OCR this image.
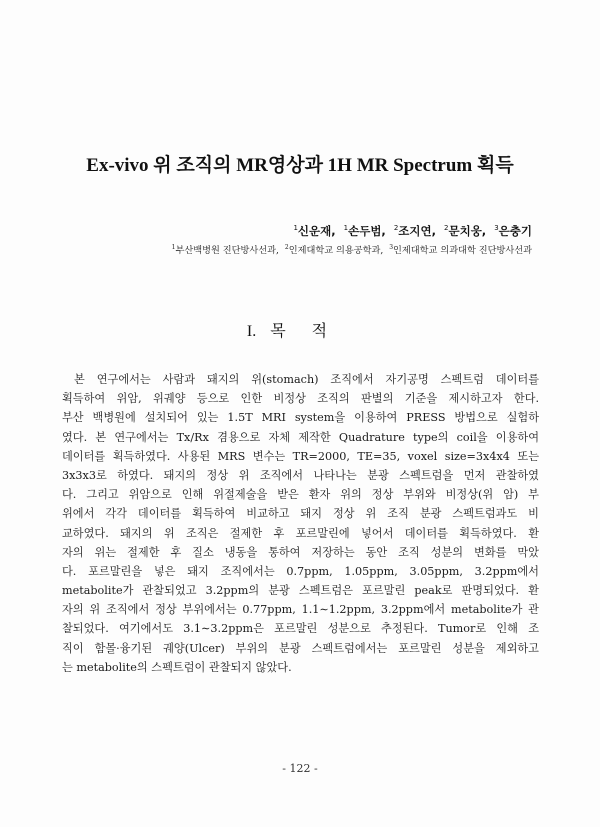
Ex-vivo 위 조직의 MR영상과 1H MR Spectrum 획득
$^1$신운재, $^1$손두범, $^2$조지연, $^2$문치웅, $^3$은충기
$^1$부산백병원 진단방사선과, $^2$인제대학교 의용공학과, $^3$인제대학교 의과대학 진단방사선과
I. 목적
본 연구에서는 사람과 돼지의 위(stomach) 조직에서 자기공명 스펙트럼 데이터를
획득하여 위암, 위궤양 등으로 인한 비정상 조직의 판별의 기준을 제시하고자 한다.
부산 백병원에 설치되어 있는 1.5T MRI system을 이용하여 PRESS 방법으로 실험하
였다. 본 연구에서는 Tx/Rx 겸용으로 자체 제작한 Quadrature type의 coil을 이용하여
데이터를 획득하였다. 사용된 MRS 변수는 TR=2000, TE=35, voxel size=3x4x4 또는
3x3x3로 하였다. 돼지의 정상 위 조직에서 나타나는 분광 스펙트럼을 먼저 관찰하였
다. 그리고 위암으로 인해 위절제술을 받은 환자 위의 정상 부위와 비정상(위 암) 부
위에서 각각 데이터를 획득하여 비교하고 돼지 정상 위 조직 분광 스펙트럼과도 비
교하였다. 돼지의 위 조직은 절제한 후 포르말린에 넣어서 데이터를 획득하였다. 환
자의 위는 절제한 후 질소 냉동을 통하여 저장하는 동안 조직 성분의 변화를 막았
다. 포르말린을 넣은 돼지 조직에서는 0.7ppm, 1.05ppm, 3.05ppm, 3.2ppm에서
metabolite가 관찰되었고 3.2ppm의 분광 스펙트럼은 포르말린 peak로 판명되었다. 환
자의 위 조직에서 정상 부위에서는 0.77ppm, 1.1∼1.2ppm, 3.2ppm에서 metabolite가 관
찰되었다. 여기에서도 3.1∼3.2ppm은 포르말린 성분으로 추정된다. Tumor로 인해 조
직이 함몰·융기된 궤양(Ulcer) 부위의 분광 스펙트럼에서는 포르말린 성분을 제외하고
는 metabolite의 스펙트럼이 관찰되지 않았다.
- 122 -
